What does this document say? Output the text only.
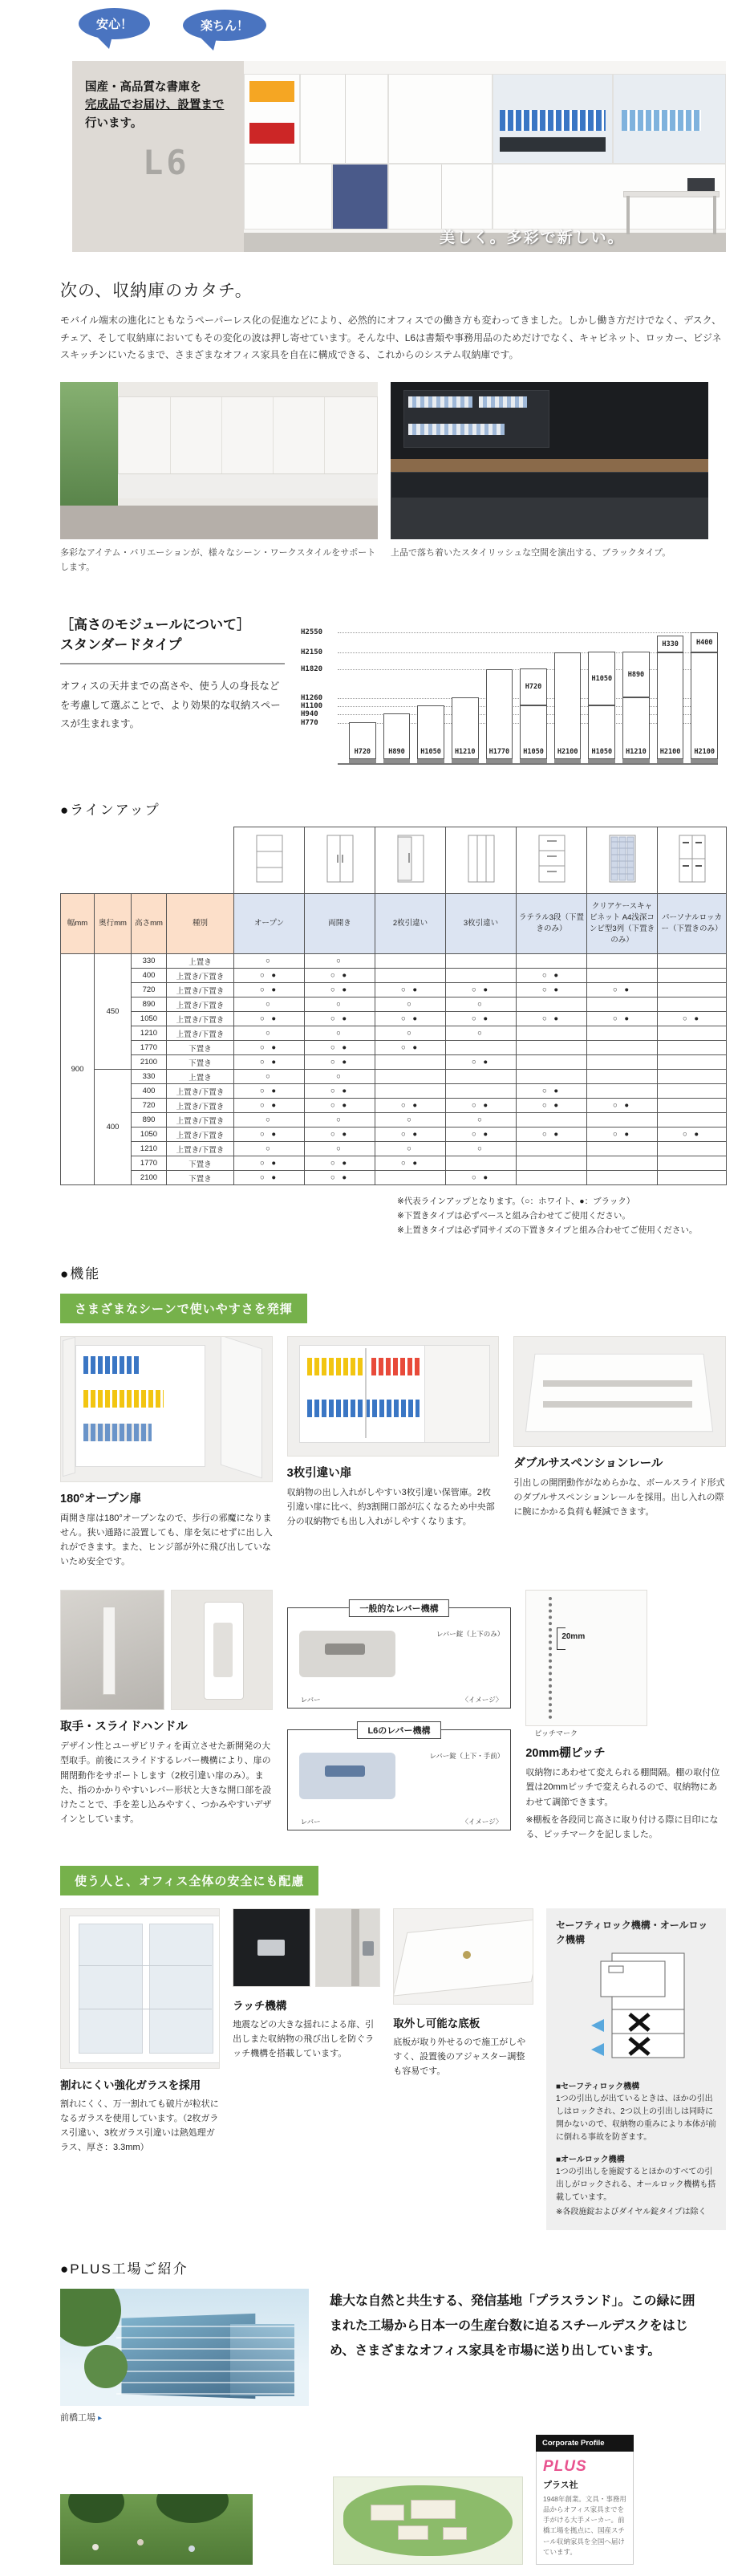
安心！	楽ちん！
国産・高品質な書庫を
完成品でお届け、設置まで
行います。
L6
美しく。多彩で新しい。
次の、収納庫のカタチ。
モバイル端末の進化にともなうペーパーレス化の促進などにより、必然的にオフィスでの働き方も変わってきました。しかし働き方だけでなく、デスク、チェア、そして収納庫においてもその変化の波は押し寄せています。そんな中、L6は書類や事務用品のためだけでなく、キャビネット、ロッカー、ビジネスキッチンにいたるまで、さまざまなオフィス家具を自在に構成できる、これからのシステム収納庫です。
多彩なアイテム・バリエーションが、様々なシーン・ワークスタイルをサポートします。
上品で落ち着いたスタイリッシュな空間を演出する、ブラックタイプ。
［高さのモジュールについて］
スタンダードタイプ
オフィスの天井までの高さや、使う人の身長などを考慮して選ぶことで、より効果的な収納スペースが生まれます。
H2550
H2150
H1820
H1260
H1100
H940
H770
H720	H890	H1050	H1210	H1770
H720
H1050	H2100
H1050
H1050
H890
H1210
H330
H2100
H400
H2100
●ラインアップ

幅mm	奥行mm	高さmm	種別	オープン	両開き	2枚引違い	3枚引違い	ラテラル3段（下置きのみ）	クリアケースキャビネット A4浅深コンビ型3列（下置きのみ）	パーソナルロッカー（下置きのみ）
900	450	330	上置き	○	○					
		400	上置き/下置き	○ ●	○ ●			○ ●		
		720	上置き/下置き	○ ●	○ ●	○ ●	○ ●	○ ●	○ ●	
		890	上置き/下置き	○	○	○	○			
		1050	上置き/下置き	○ ●	○ ●	○ ●	○ ●	○ ●	○ ●	○ ●
		1210	上置き/下置き	○	○	○	○			
		1770	下置き	○ ●	○ ●	○ ●				
		2100	下置き	○ ●	○ ●		○ ●			
	400	330	上置き	○	○					
		400	上置き/下置き	○ ●	○ ●			○ ●		
		720	上置き/下置き	○ ●	○ ●	○ ●	○ ●	○ ●	○ ●	
		890	上置き/下置き	○	○	○	○			
		1050	上置き/下置き	○ ●	○ ●	○ ●	○ ●	○ ●	○ ●	○ ●
		1210	上置き/下置き	○	○	○	○			
		1770	下置き	○ ●	○ ●	○ ●				
		2100	下置き	○ ●	○ ●		○ ●			
※代表ラインアップとなります。（○：ホワイト、●：ブラック）
※下置きタイプは必ずベースと組み合わせてご使用ください。
※上置きタイプは必ず同サイズの下置きタイプと組み合わせてご使用ください。
●機能
さまざまなシーンで使いやすさを発揮
180°オープン扉
両開き扉は180°オープンなので、歩行の邪魔になりません。狭い通路に設置しても、扉を気にせずに出し入れができます。また、ヒンジ部が外に飛び出していないため安全です。
3枚引違い扉
収納物の出し入れがしやすい3枚引違い保管庫。2枚引違い扉に比べ、約3割開口部が広くなるため中央部分の収納物でも出し入れがしやすくなります。
ダブルサスペンションレール
引出しの開閉動作がなめらかな、ボールスライド形式のダブルサスペンションレールを採用。出し入れの際に腕にかかる負荷も軽減できます。
取手・スライドハンドル
デザイン性とユーザビリティを両立させた新開発の大型取手。前後にスライドするレバー機構により、扉の開閉動作をサポートします（2枚引違い扉のみ）。また、指のかかりやすいレバー形状と大きな開口部を設けたことで、手を差し込みやすく、つかみやすいデザインとしています。
一般的なレバー機構
レバー錠（上下のみ）
レバー	〈イメージ〉
L6のレバー機構
レバー錠（上下・手前）
レバー	〈イメージ〉
20mm
ピッチマーク
20mm棚ピッチ
収納物にあわせて変えられる棚間隔。棚の取付位置は20mmピッチで変えられるので、収納物にあわせて調節できます。
※棚板を各段同じ高さに取り付ける際に目印になる、ピッチマークを記しました。
使う人と、オフィス全体の安全にも配慮
割れにくい強化ガラスを採用
割れにくく、万一割れても破片が粒状になるガラスを使用しています。（2枚ガラス引違い、3枚ガラス引違いは熱処理ガラス、厚さ：3.3mm）
ラッチ機構
地震などの大きな揺れによる扉、引出しまた収納物の飛び出しを防ぐラッチ機構を搭載しています。
取外し可能な底板
底板が取り外せるので施工がしやすく、設置後のアジャスター調整も容易です。
セーフティロック機構・オールロック機構
■セーフティロック機構
1つの引出しが出ているときは、ほかの引出しはロックされ、2つ以上の引出しは同時に開かないので、収納物の重みにより本体が前に倒れる事故を防ぎます。
■オールロック機構
1つの引出しを施錠するとほかのすべての引出しがロックされる、オールロック機構も搭載しています。
※各段施錠およびダイヤル錠タイプは除く
●PLUS工場ご紹介
前橋工場 ▸
雄大な自然と共生する、発信基地「プラスランド」。この緑に囲まれた工場から日本一の生産台数に迫るスチールデスクをはじめ、さまざまなオフィス家具を市場に送り出しています。
Corporate Profile
PLUS
プラス社
1948年創業。文具・事務用品からオフィス家具までを手がける大手メーカー。前橋工場を拠点に、国産スチール収納家具を全国へ届けています。
